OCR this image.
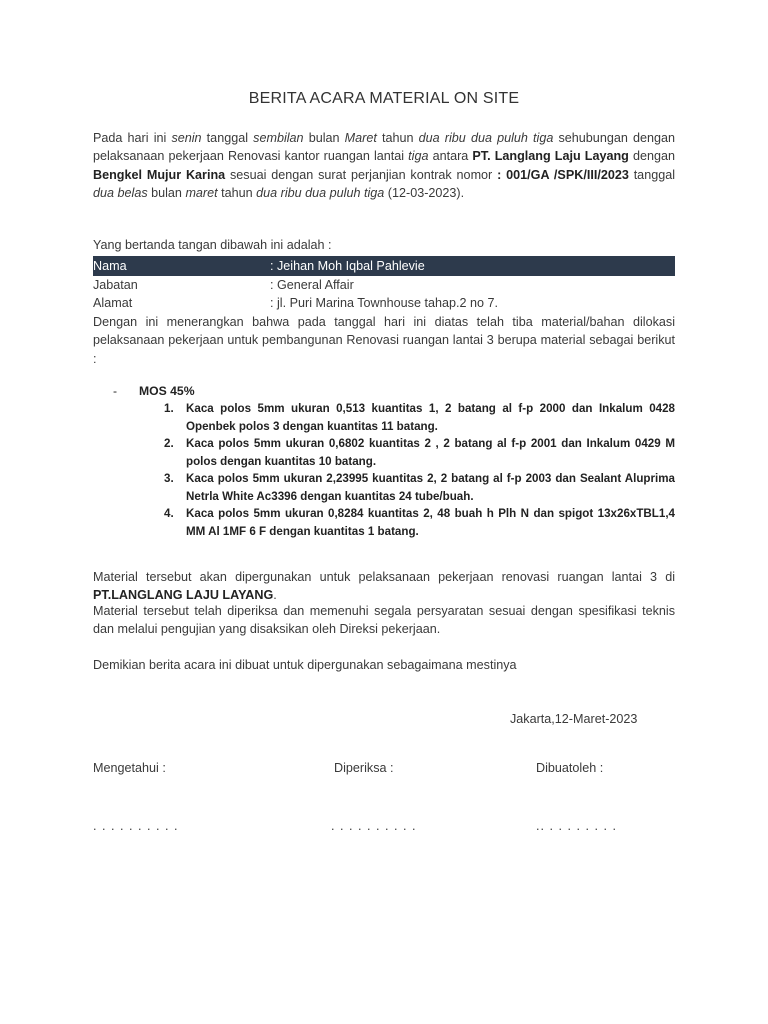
BERITA ACARA MATERIAL ON SITE

Pada hari ini senin tanggal sembilan bulan Maret tahun dua ribu dua puluh tiga sehubungan dengan pelaksanaan pekerjaan Renovasi kantor ruangan lantai tiga antara PT. Langlang Laju Layang dengan Bengkel Mujur Karina sesuai dengan surat perjanjian kontrak nomor : 001/GA /SPK/III/2023 tanggal dua belas bulan maret tahun dua ribu dua puluh tiga (12-03-2023).

Yang bertanda tangan dibawah ini adalah :
Nama	: Jeihan Moh Iqbal Pahlevie
Jabatan	: General Affair
Alamat	: jl. Puri Marina Townhouse tahap.2 no 7.

Dengan ini menerangkan bahwa pada tanggal hari ini diatas telah tiba material/bahan dilokasi pelaksanaan pekerjaan untuk pembangunan Renovasi ruangan lantai 3 berupa material sebagai berikut :

- MOS 45%
1.	Kaca polos 5mm ukuran 0,513 kuantitas 1, 2 batang al f-p 2000 dan Inkalum 0428 Openbek polos 3 dengan kuantitas 11 batang.
2.	Kaca polos 5mm ukuran 0,6802 kuantitas 2 , 2 batang al f-p 2001 dan Inkalum 0429 M polos dengan kuantitas 10 batang.
3.	Kaca polos 5mm ukuran 2,23995 kuantitas 2, 2 batang al f-p 2003 dan Sealant Aluprima Netrla White Ac3396 dengan kuantitas 24 tube/buah.
4.	Kaca polos 5mm ukuran 0,8284 kuantitas 2, 48 buah h Plh N dan spigot 13x26xTBL1,4 MM Al 1MF 6 F dengan kuantitas 1 batang.

Material tersebut akan dipergunakan untuk pelaksanaan pekerjaan renovasi ruangan lantai 3 di PT.LANGLANG LAJU LAYANG.

Material tersebut telah diperiksa dan memenuhi segala persyaratan sesuai dengan spesifikasi teknis dan melalui pengujian yang disaksikan oleh Direksi pekerjaan.

Demikian berita acara ini dibuat untuk dipergunakan sebagaimana mestinya
Jakarta,12-Maret-2023
Mengetahui :	Diperiksa :	Dibuatoleh :
. . . . . . . . . .	. . . . . . . . . .	.. . . . . . . . .
